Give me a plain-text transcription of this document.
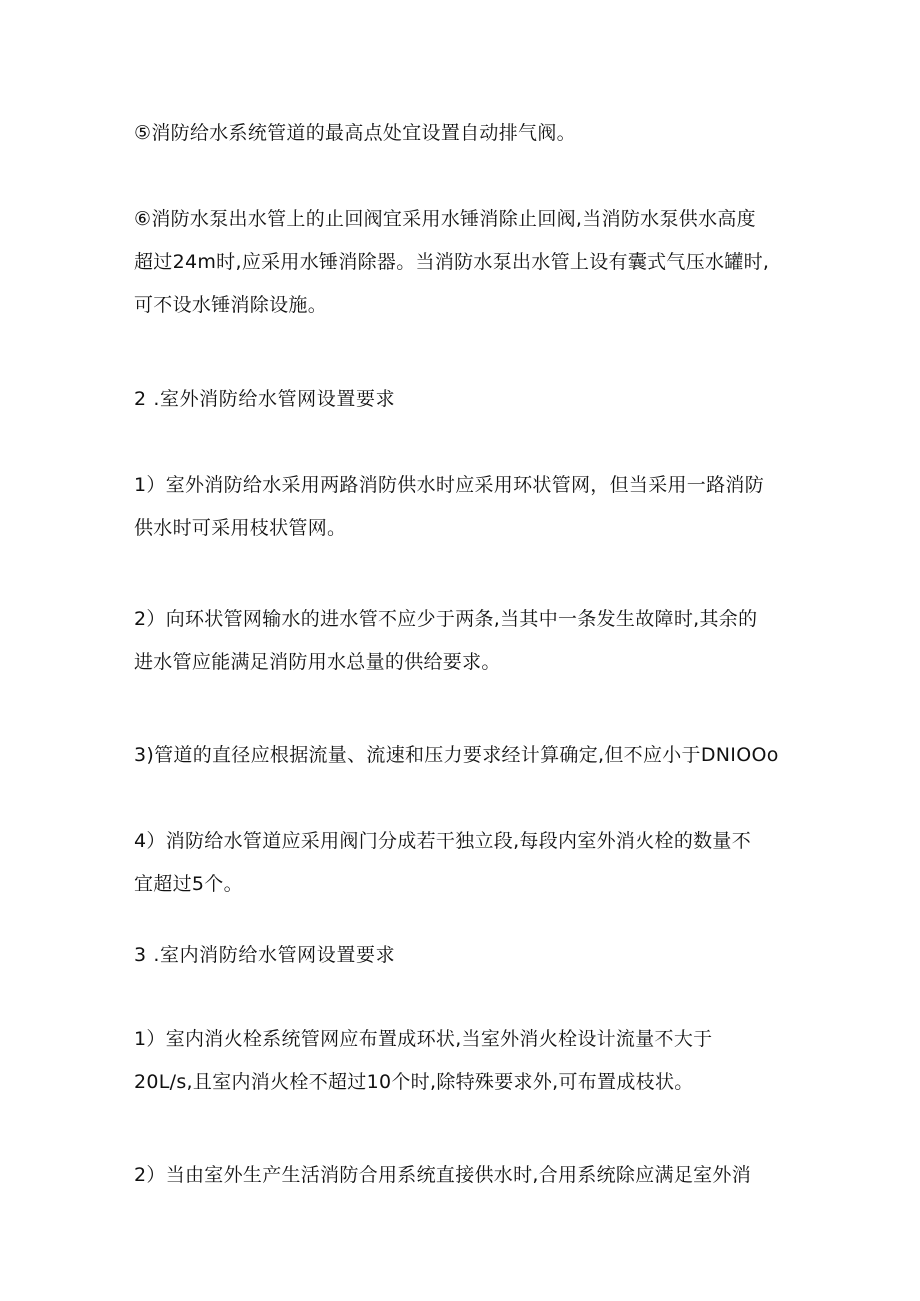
⑤消防给水系统管道的最高点处宜设置自动排气阀。

⑥消防水泵出水管上的止回阀宜采用水锤消除止回阀,当消防水泵供水高度
超过24m时,应采用水锤消除器。当消防水泵出水管上设有囊式气压水罐时,
可不设水锤消除设施。

2 .室外消防给水管网设置要求

1）室外消防给水采用两路消防供水时应采用环状管网，但当采用一路消防
供水时可采用枝状管网。

2）向环状管网输水的进水管不应少于两条,当其中一条发生故障时,其余的
进水管应能满足消防用水总量的供给要求。

3)管道的直径应根据流量、流速和压力要求经计算确定,但不应小于DNIOOo

4）消防给水管道应采用阀门分成若干独立段,每段内室外消火栓的数量不
宜超过5个。

3 .室内消防给水管网设置要求

1）室内消火栓系统管网应布置成环状,当室外消火栓设计流量不大于
20L/s,且室内消火栓不超过10个时,除特殊要求外,可布置成枝状。

2）当由室外生产生活消防合用系统直接供水时,合用系统除应满足室外消
